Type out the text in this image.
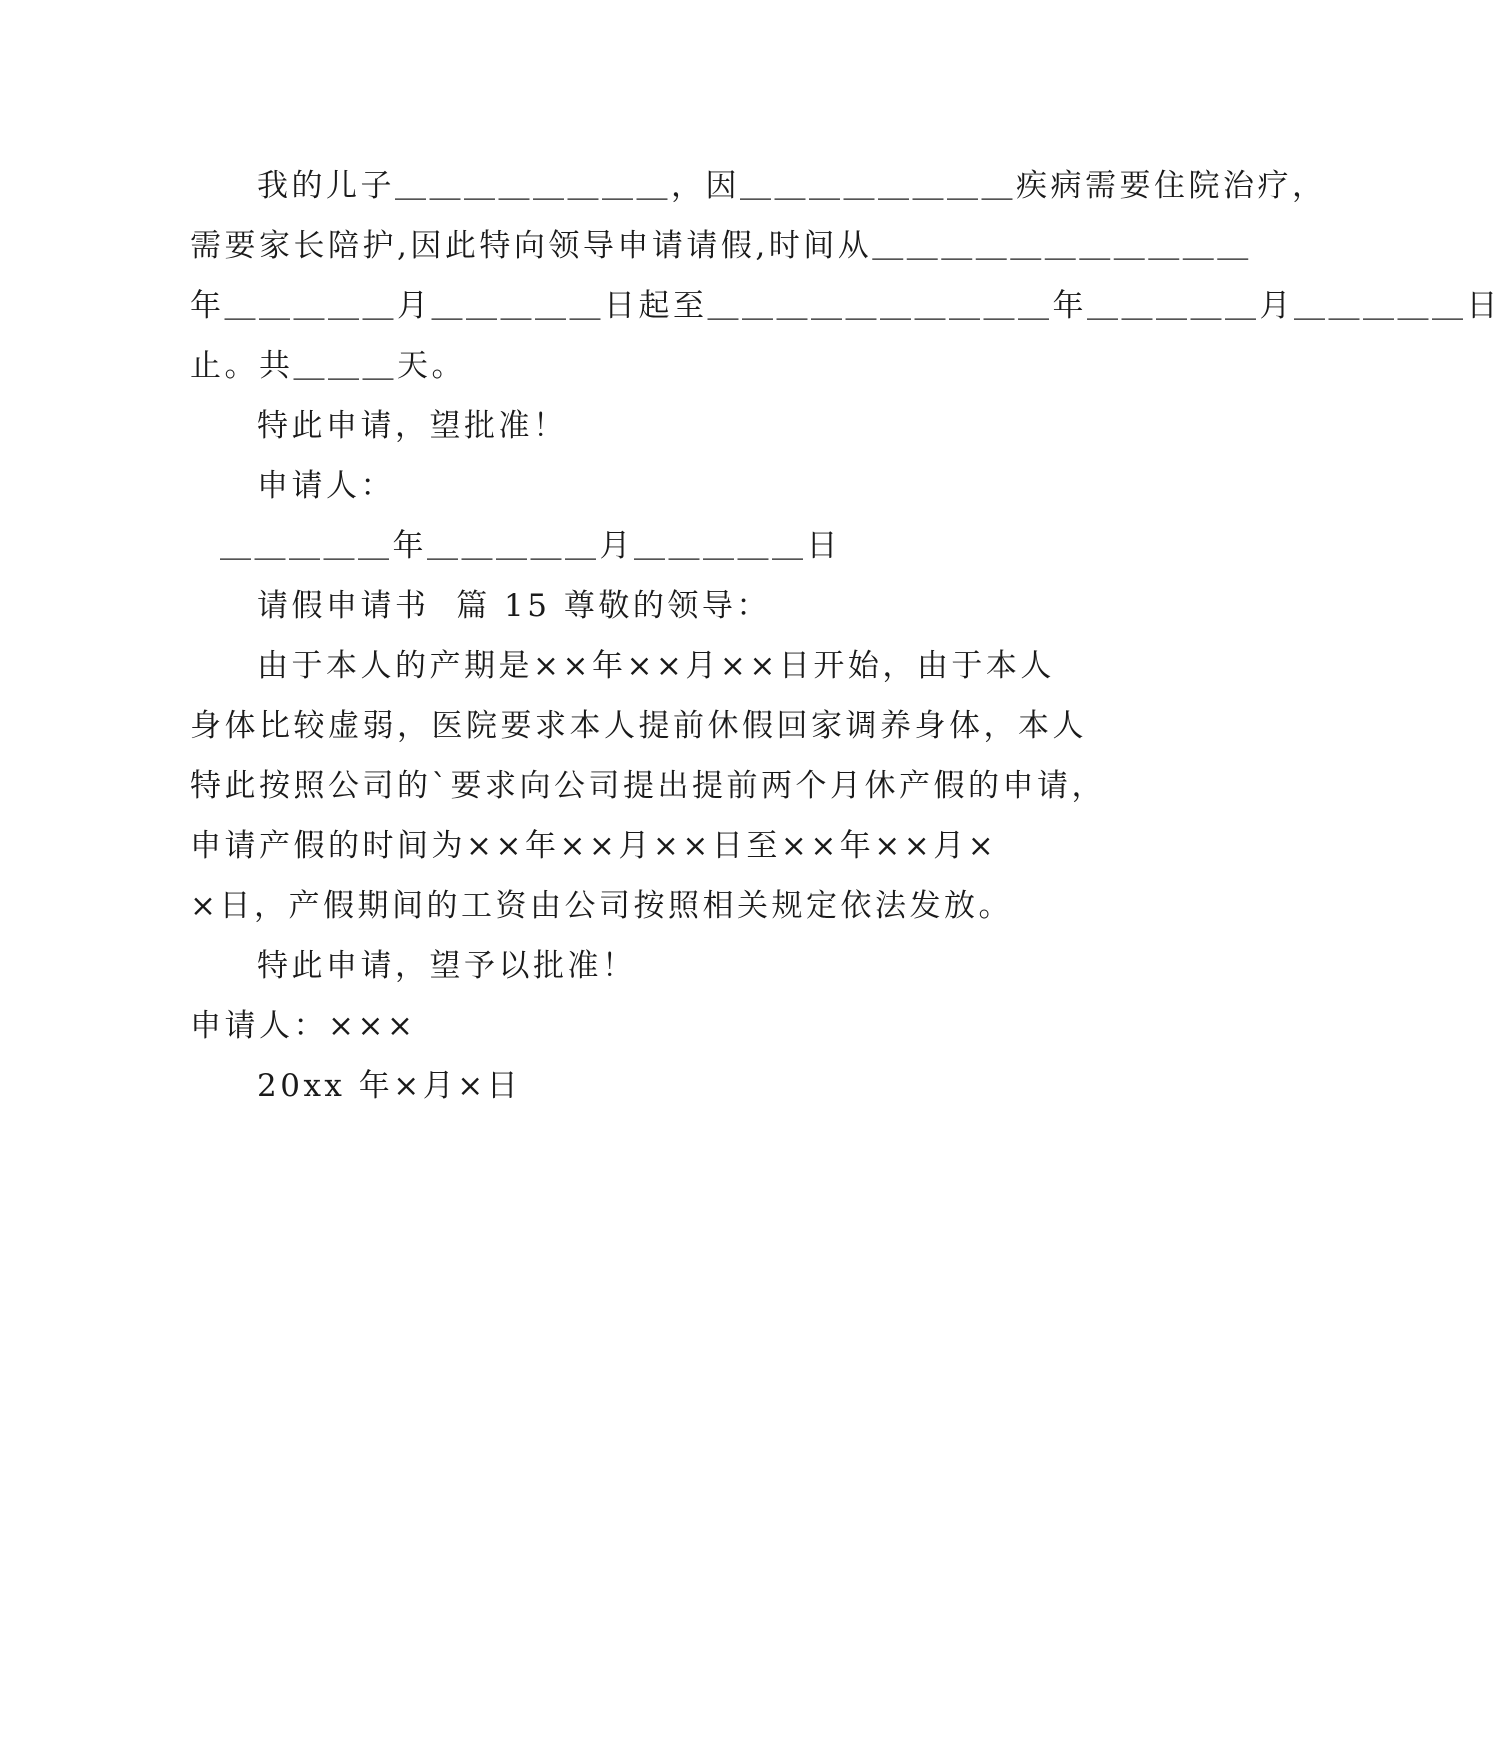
我的儿子＿＿＿＿＿＿＿＿，因＿＿＿＿＿＿＿＿疾病需要住院治疗，
需要家长陪护,因此特向领导申请请假,时间从＿＿＿＿＿＿＿＿＿＿＿
年＿＿＿＿＿月＿＿＿＿＿日起至＿＿＿＿＿＿＿＿＿＿年＿＿＿＿＿月＿＿＿＿＿日
止。共＿＿＿天。
特此申请，望批准！
申请人：
＿＿＿＿＿年＿＿＿＿＿月＿＿＿＿＿日
请假申请书  篇 15 尊敬的领导：
由于本人的产期是××年××月××日开始，由于本人
身体比较虚弱，医院要求本人提前休假回家调养身体，本人
特此按照公司的`要求向公司提出提前两个月休产假的申请，
申请产假的时间为××年××月××日至××年××月×
×日，产假期间的工资由公司按照相关规定依法发放。
特此申请，望予以批准！
申请人：×××
20xx 年×月×日
